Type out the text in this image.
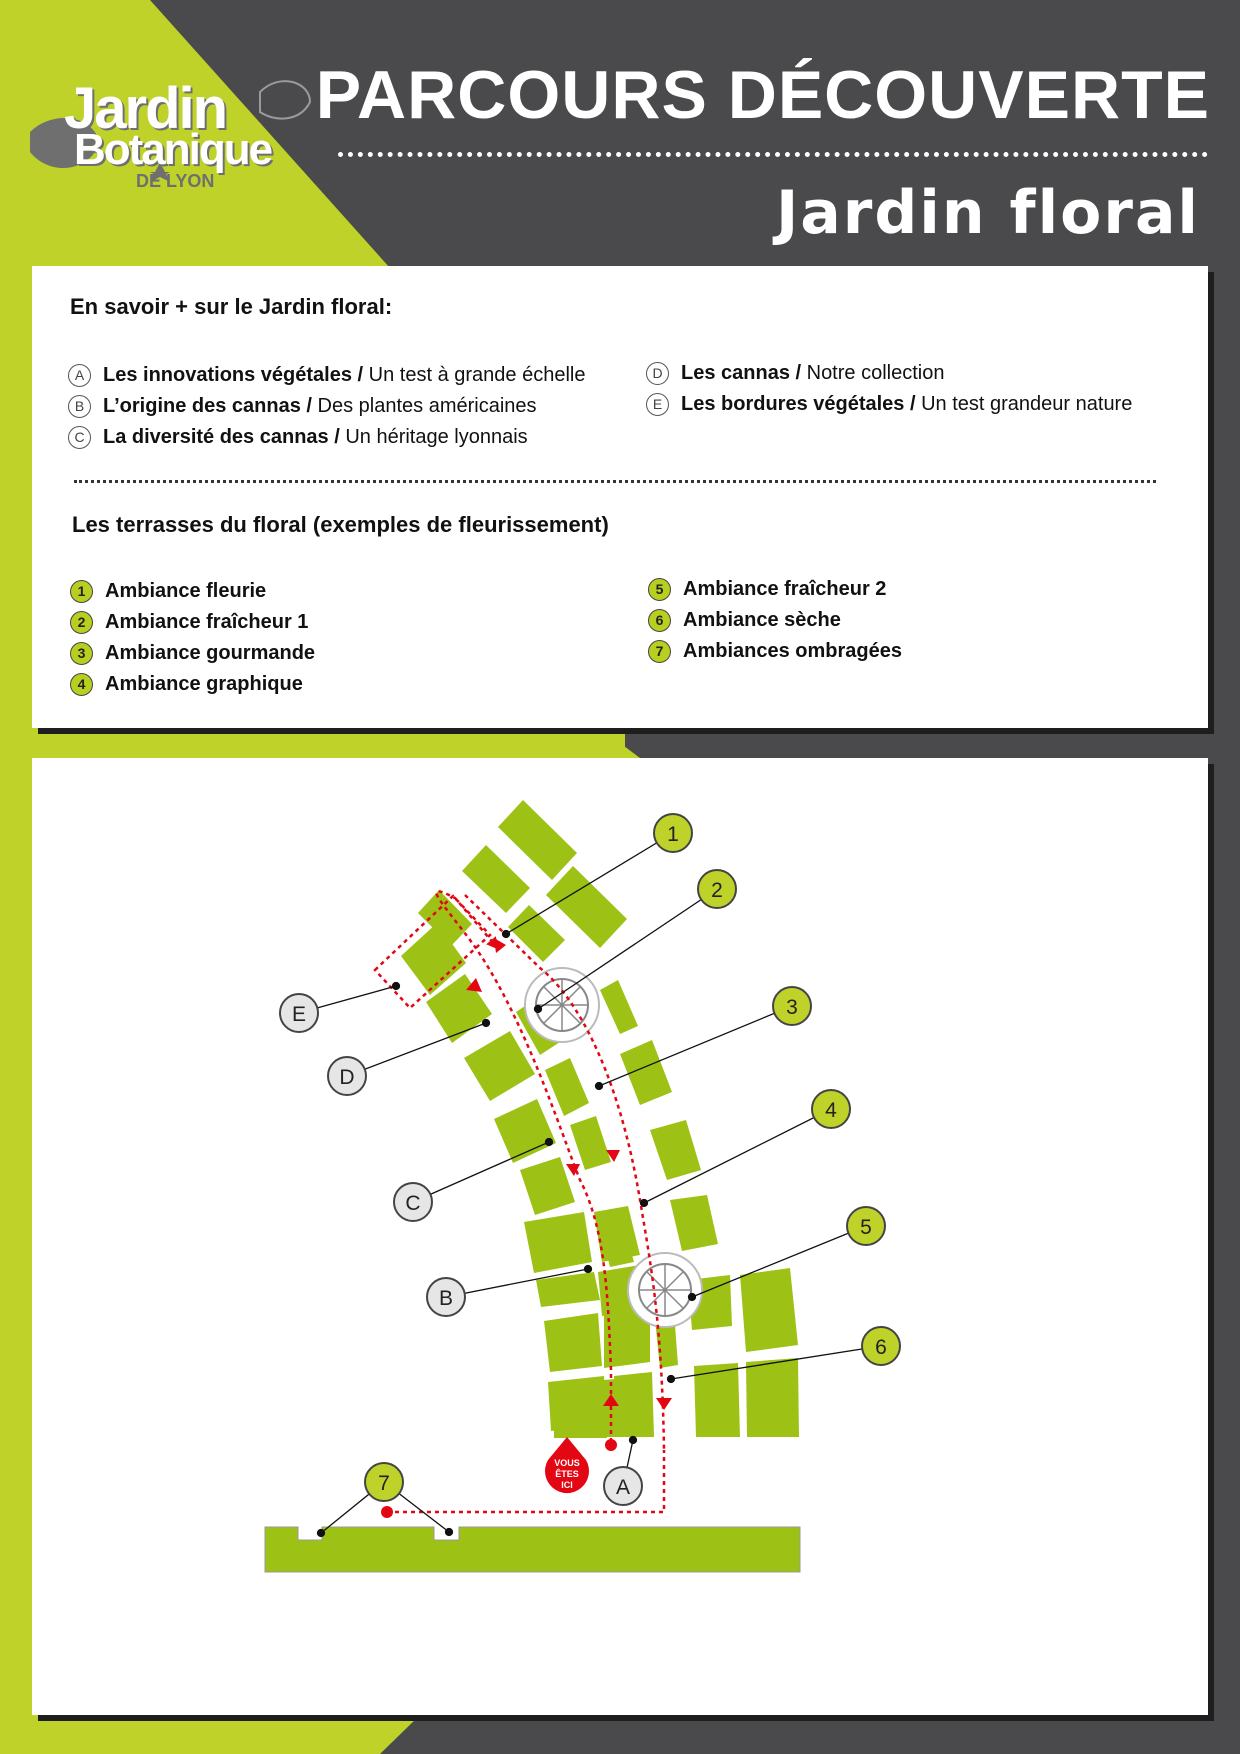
Jardin
Botanique
DE LYON
PARCOURS DÉCOUVERTE
Jardin floral
En savoir + sur le Jardin floral:
A Les innovations végétales / Un test à grande échelle
B L’origine des cannas / Des plantes américaines
C La diversité des cannas / Un héritage lyonnais
D Les cannas / Notre collection
E Les bordures végétales / Un test grandeur nature
Les terrasses du floral (exemples de fleurissement)
1 Ambiance fleurie
2 Ambiance fraîcheur 1
3 Ambiance gourmande
4 Ambiance graphique
5 Ambiance fraîcheur 2
6 Ambiance sèche
7 Ambiances ombragées
VOUS
ÊTES
ICI
1
2
3
4
5
6
7	A
B
C
D
E
